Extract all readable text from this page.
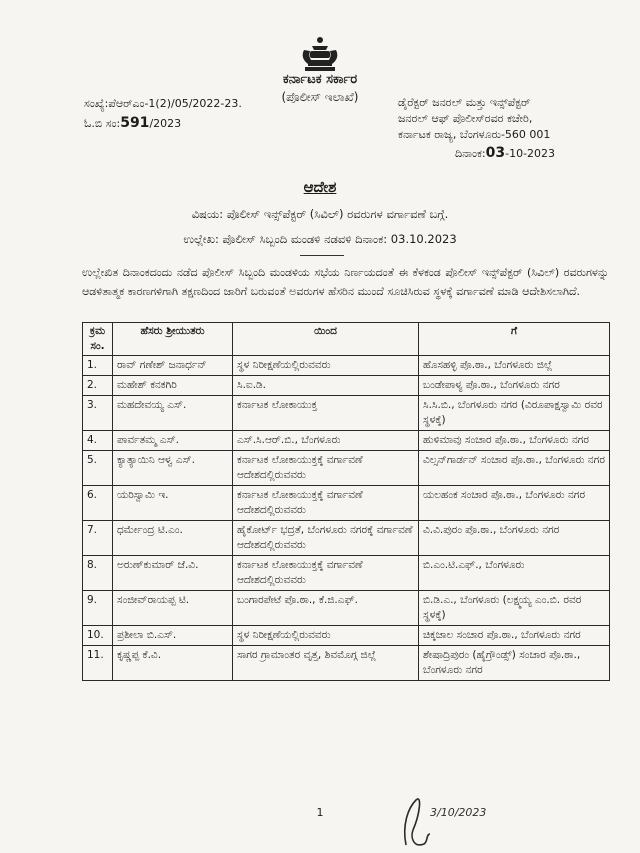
ಕರ್ನಾಟಕ ಸರ್ಕಾರ
(ಪೊಲೀಸ್ ಇಲಾಖೆ)
ಸಂಖ್ಯೆ:ಪೆಆರ್‌ಎಂ-1(2)/05/2022-23.
ಓ.ಬಿ ಸಂ:591/2023
ಡೈರೆಕ್ಟರ್ ಜನರಲ್ ಮತ್ತು ಇನ್ಸ್‌ಪೆಕ್ಟರ್
ಜನರಲ್ ಆಫ್ ಪೊಲೀಸ್‌ರವರ ಕಚೇರಿ,
ಕರ್ನಾಟಕ ರಾಜ್ಯ, ಬೆಂಗಳೂರು-560 001
ದಿನಾಂಕ:03-10-2023
ಆದೇಶ
ವಿಷಯ: ಪೊಲೀಸ್ ಇನ್ಸ್‌ಪೆಕ್ಟರ್ (ಸಿವಿಲ್) ರವರುಗಳ ವರ್ಗಾವಣೆ ಬಗ್ಗೆ.
ಉಲ್ಲೇಖ: ಪೊಲೀಸ್ ಸಿಬ್ಬಂದಿ ಮಂಡಳಿ ನಡವಳಿ ದಿನಾಂಕ: 03.10.2023
ಉಲ್ಲೇಖಿತ ದಿನಾಂಕದಂದು ನಡೆದ ಪೊಲೀಸ್ ಸಿಬ್ಬಂದಿ ಮಂಡಳಿಯ ಸಭೆಯ ನಿರ್ಣಯದಂತೆ ಈ ಕೆಳಕಂಡ ಪೊಲೀಸ್ ಇನ್ಸ್‌ಪೆಕ್ಟರ್ (ಸಿವಿಲ್) ರವರುಗಳನ್ನು ಆಡಳಿತಾತ್ಮಕ ಕಾರಣಗಳಿಗಾಗಿ ತಕ್ಷಣದಿಂದ ಜಾರಿಗೆ ಬರುವಂತೆ ಅವರುಗಳ ಹೆಸರಿನ ಮುಂದೆ ಸೂಚಿಸಿರುವ ಸ್ಥಳಕ್ಕೆ ವರ್ಗಾವಣೆ ಮಾಡಿ ಆದೇಶಿಸಲಾಗಿದೆ.
ಕ್ರಮ ಸಂ.	ಹೆಸರು ಶ್ರೀಯುತರು	ಯಿಂದ	ಗೆ
1.	ರಾವ್ ಗಣೇಶ್ ಜನಾರ್ಧನ್	ಸ್ಥಳ ನಿರೀಕ್ಷಣೆಯಲ್ಲಿರುವವರು	ಹೊಸಹಳ್ಳಿ ಪೊ.ಠಾ., ಬೆಂಗಳೂರು ಜಿಲ್ಲೆ
2.	ಮಹೇಶ್ ಕನಕಗಿರಿ	ಸಿ.ಐ.ಡಿ.	ಬಂಡೇಪಾಳ್ಯ ಪೊ.ಠಾ., ಬೆಂಗಳೂರು ನಗರ
3.	ಮಹದೇವಯ್ಯ ಎಸ್.	ಕರ್ನಾಟಕ ಲೋಕಾಯುಕ್ತ	ಸಿ.ಸಿ.ಬಿ., ಬೆಂಗಳೂರು ನಗರ (ವಿರೂಪಾಕ್ಷಸ್ವಾಮಿ ರವರ ಸ್ಥಳಕ್ಕೆ)
4.	ಪಾರ್ವತಮ್ಮ ಎಸ್.	ಎಸ್.ಸಿ.ಆರ್.ಬಿ., ಬೆಂಗಳೂರು	ಹುಳಿಮಾವು ಸಂಚಾರ ಪೊ.ಠಾ., ಬೆಂಗಳೂರು ನಗರ
5.	ಕ್ಯಾತ್ಯಾಯಿನಿ ಆಳ್ವ ಎಸ್.	ಕರ್ನಾಟಕ ಲೋಕಾಯುಕ್ತಕ್ಕೆ ವರ್ಗಾವಣೆ ಆದೇಶದಲ್ಲಿರುವವರು	ವಿಲ್ಸನ್‌ಗಾರ್ಡನ್ ಸಂಚಾರ ಪೊ.ಠಾ., ಬೆಂಗಳೂರು ನಗರ
6.	ಯರಿಸ್ವಾಮಿ ಇ.	ಕರ್ನಾಟಕ ಲೋಕಾಯುಕ್ತಕ್ಕೆ ವರ್ಗಾವಣೆ ಆದೇಶದಲ್ಲಿರುವವರು	ಯಲಹಂಕ ಸಂಚಾರ ಪೊ.ಠಾ., ಬೆಂಗಳೂರು ನಗರ
7.	ಧರ್ಮೇಂದ್ರ ಟಿ.ಎಂ.	ಹೈಕೋರ್ಟ್ ಭದ್ರತೆ, ಬೆಂಗಳೂರು ನಗರಕ್ಕೆ ವರ್ಗಾವಣೆ ಆದೇಶದಲ್ಲಿರುವವರು	ವಿ.ವಿ.ಪುರಂ ಪೊ.ಠಾ., ಬೆಂಗಳೂರು ನಗರ
8.	ಅರುಣ್‌ಕುಮಾರ್ ಜೆ.ವಿ.	ಕರ್ನಾಟಕ ಲೋಕಾಯುಕ್ತಕ್ಕೆ ವರ್ಗಾವಣೆ ಆದೇಶದಲ್ಲಿರುವವರು	ಬಿ.ಎಂ.ಟಿ.ಎಫ್., ಬೆಂಗಳೂರು
9.	ಸಂಜೀವ್‌ರಾಯಪ್ಪ ಟಿ.	ಬಂಗಾರಪೇಟೆ ಪೊ.ಠಾ., ಕೆ.ಜಿ.ಎಫ್.	ಬಿ.ಡಿ.ಎ., ಬೆಂಗಳೂರು (ಲಕ್ಷ್ಮಯ್ಯ ಎಂ.ಬಿ. ರವರ ಸ್ಥಳಕ್ಕೆ)
10.	ಪ್ರಶೀಲಾ ಬಿ.ಎಸ್.	ಸ್ಥಳ ನಿರೀಕ್ಷಣೆಯಲ್ಲಿರುವವರು	ಚಿಕ್ಕಜಾಲ ಸಂಚಾರ ಪೊ.ಠಾ., ಬೆಂಗಳೂರು ನಗರ
11.	ಕೃಷ್ಣಪ್ಪ ಕೆ.ವಿ.	ಸಾಗರ ಗ್ರಾಮಾಂತರ ವೃತ್ತ, ಶಿವಮೊಗ್ಗ ಜಿಲ್ಲೆ	ಶೇಷಾದ್ರಿಪುರಂ (ಹೈಗ್ರೌಂಡ್ಸ್) ಸಂಚಾರ ಪೊ.ಠಾ., ಬೆಂಗಳೂರು ನಗರ
1	3/10/2023
